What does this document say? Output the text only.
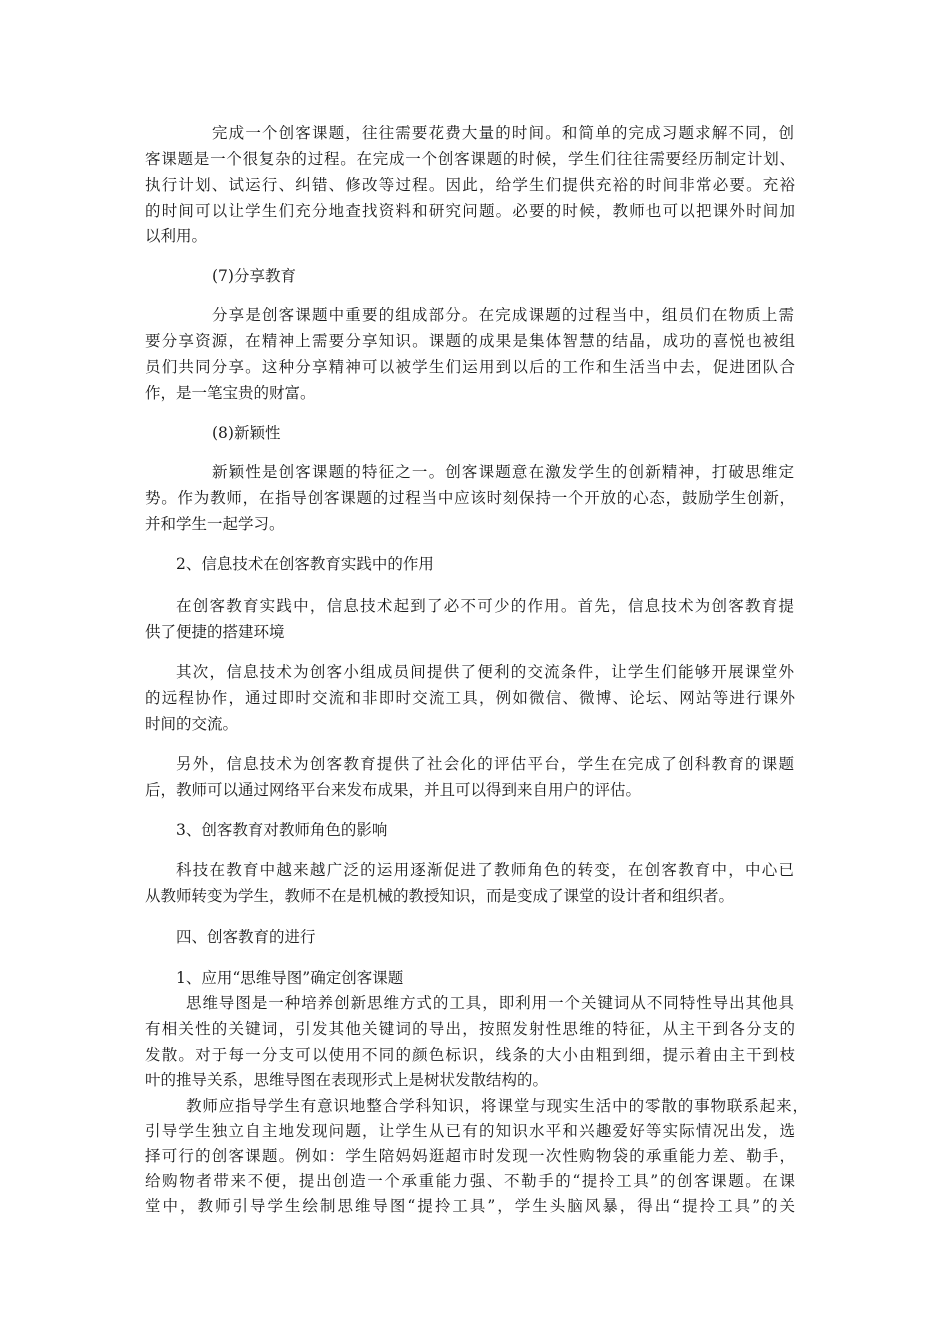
完成一个创客课题，往往需要花费大量的时间。和简单的完成习题求解不同，创
客课题是一个很复杂的过程。在完成一个创客课题的时候，学生们往往需要经历制定计划、
执行计划、试运行、纠错、修改等过程。因此，给学生们提供充裕的时间非常必要。充裕
的时间可以让学生们充分地查找资料和研究问题。必要的时候，教师也可以把课外时间加
以利用。
(7)分享教育
分享是创客课题中重要的组成部分。在完成课题的过程当中，组员们在物质上需
要分享资源，在精神上需要分享知识。课题的成果是集体智慧的结晶，成功的喜悦也被组
员们共同分享。这种分享精神可以被学生们运用到以后的工作和生活当中去，促进团队合
作，是一笔宝贵的财富。
(8)新颖性
新颖性是创客课题的特征之一。创客课题意在激发学生的创新精神，打破思维定
势。作为教师，在指导创客课题的过程当中应该时刻保持一个开放的心态，鼓励学生创新，
并和学生一起学习。
2、信息技术在创客教育实践中的作用
在创客教育实践中，信息技术起到了必不可少的作用。首先，信息技术为创客教育提
供了便捷的搭建环境
其次，信息技术为创客小组成员间提供了便利的交流条件，让学生们能够开展课堂外
的远程协作，通过即时交流和非即时交流工具，例如微信、微博、论坛、网站等进行课外
时间的交流。
另外，信息技术为创客教育提供了社会化的评估平台，学生在完成了创科教育的课题
后，教师可以通过网络平台来发布成果，并且可以得到来自用户的评估。
3、创客教育对教师角色的影响
科技在教育中越来越广泛的运用逐渐促进了教师角色的转变，在创客教育中，中心已
从教师转变为学生，教师不在是机械的教授知识，而是变成了课堂的设计者和组织者。
四、创客教育的进行
1、应用“思维导图”确定创客课题
思维导图是一种培养创新思维方式的工具，即利用一个关键词从不同特性导出其他具
有相关性的关键词，引发其他关键词的导出，按照发射性思维的特征，从主干到各分支的
发散。对于每一分支可以使用不同的颜色标识，线条的大小由粗到细，提示着由主干到枝
叶的推导关系，思维导图在表现形式上是树状发散结构的。
教师应指导学生有意识地整合学科知识，将课堂与现实生活中的零散的事物联系起来，
引导学生独立自主地发现问题，让学生从已有的知识水平和兴趣爱好等实际情况出发，选
择可行的创客课题。例如：学生陪妈妈逛超市时发现一次性购物袋的承重能力差、勒手，
给购物者带来不便，提出创造一个承重能力强、不勒手的“提拎工具”的创客课题。在课
堂中，教师引导学生绘制思维导图“提拎工具”，学生头脑风暴，得出“提拎工具”的关
